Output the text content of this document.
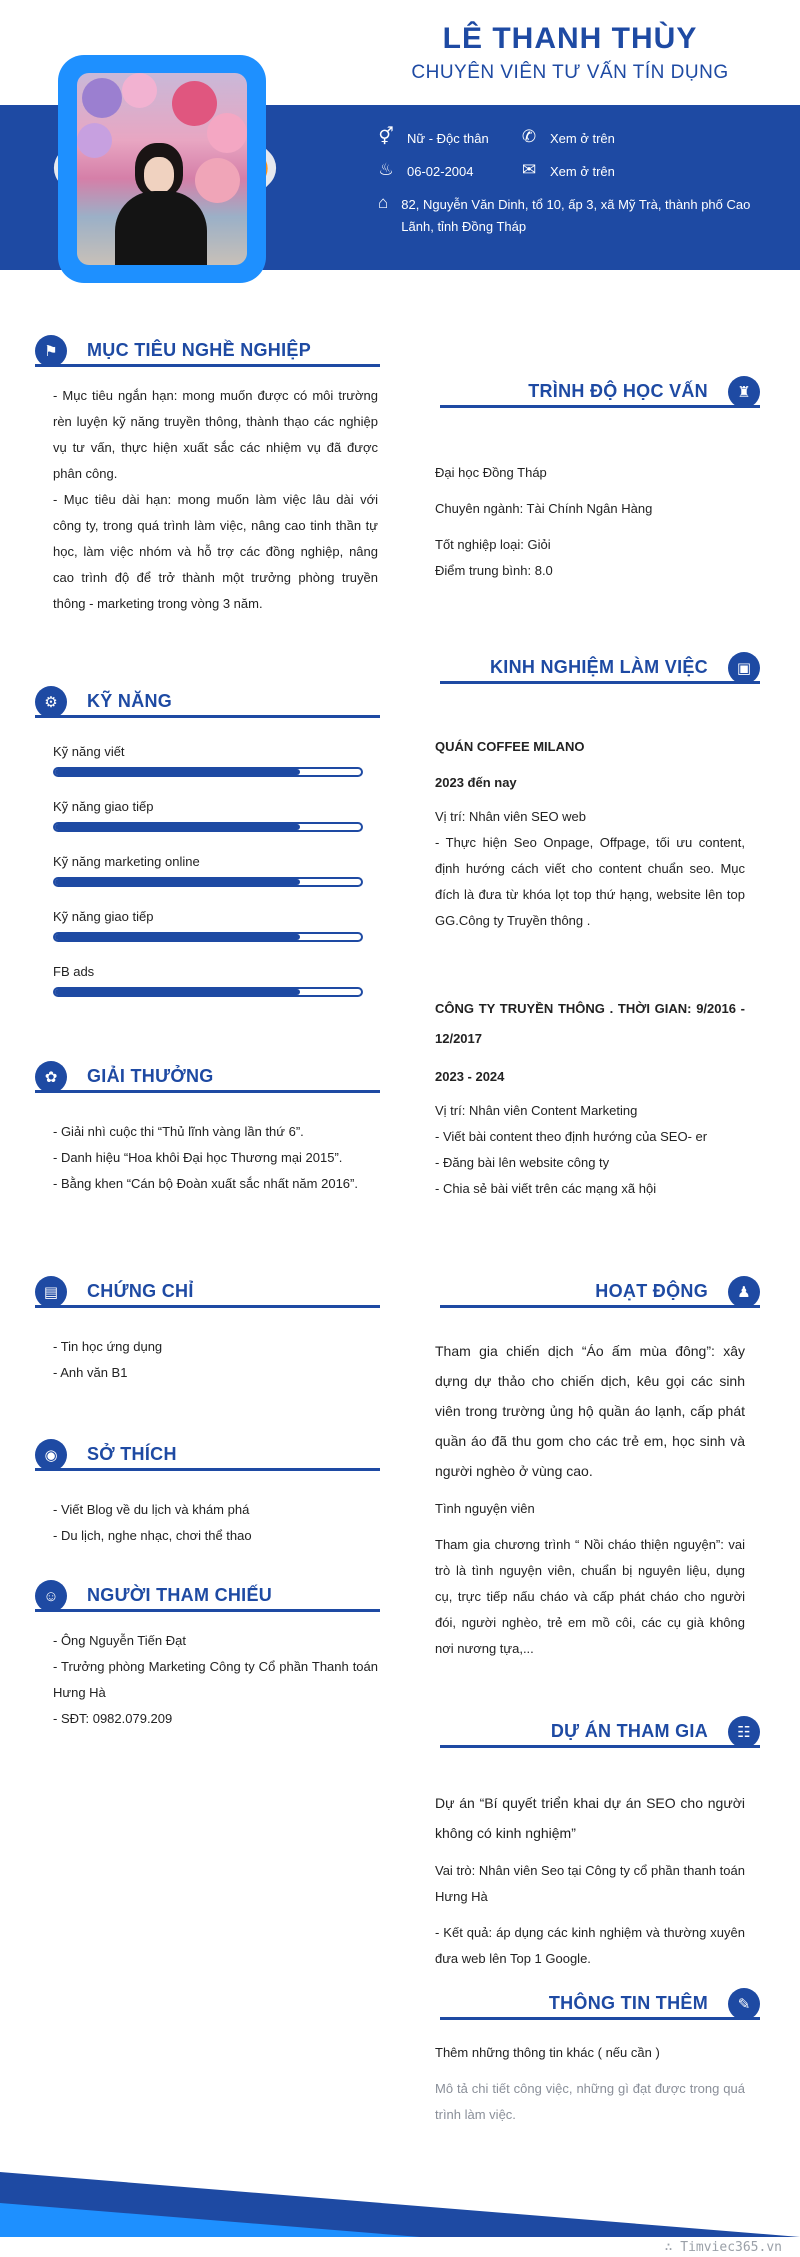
LÊ THANH THÙY
CHUYÊN VIÊN TƯ VẤN TÍN DỤNG
⚥ Nữ - Độc thân ✆ Xem ở trên
♨ 06-02-2004	✉ Xem ở trên
⌂ 82, Nguyễn Văn Dinh, tổ 10, ấp 3, xã Mỹ Trà, thành phố Cao Lãnh, tỉnh Đồng Tháp
⚑	MỤC TIÊU NGHỀ NGHIỆP

- Mục tiêu ngắn hạn: mong muốn được có môi trường rèn luyện kỹ năng truyền thông, thành thạo các nghiệp vụ tư vấn, thực hiện xuất sắc các nhiệm vụ đã được phân công.

- Mục tiêu dài hạn: mong muốn làm việc lâu dài với công ty, trong quá trình làm việc, nâng cao tinh thần tự học, làm việc nhóm và hỗ trợ các đồng nghiệp, nâng cao trình độ để trở thành một trưởng phòng truyền thông - marketing trong vòng 3 năm.

⚙	KỸ NĂNG
Kỹ năng viết
Kỹ năng giao tiếp
Kỹ năng marketing online
Kỹ năng giao tiếp
FB ads
✿	GIẢI THƯỞNG

- Giải nhì cuộc thi “Thủ lĩnh vàng lần thứ 6”.

- Danh hiệu “Hoa khôi Đại học Thương mại 2015”.

- Bằng khen “Cán bộ Đoàn xuất sắc nhất năm 2016”.

▤	CHỨNG CHỈ

- Tin học ứng dụng

- Anh văn B1

◉	SỞ THÍCH

- Viết Blog về du lịch và khám phá

- Du lịch, nghe nhạc, chơi thể thao

☺	NGƯỜI THAM CHIẾU

- Ông Nguyễn Tiến Đạt

- Trưởng phòng Marketing Công ty Cổ phần Thanh toán Hưng Hà

- SĐT: 0982.079.209

♜
TRÌNH ĐỘ HỌC VẤN

Đại học Đồng Tháp

Chuyên ngành: Tài Chính Ngân Hàng

Tốt nghiệp loại: Giỏi

Điểm trung bình: 8.0

▣
KINH NGHIỆM LÀM VIỆC

QUÁN COFFEE MILANO

2023 đến nay

Vị trí: Nhân viên SEO web

- Thực hiện Seo Onpage, Offpage, tối ưu content, định hướng cách viết cho content chuẩn seo. Mục đích là đưa từ khóa lọt top thứ hạng, website lên top GG.Công ty Truyền thông .

CÔNG TY TRUYỀN THÔNG . THỜI GIAN: 9/2016 - 12/2017

2023 - 2024

Vị trí: Nhân viên Content Marketing

- Viết bài content theo định hướng của SEO- er

- Đăng bài lên website công ty

- Chia sẻ bài viết trên các mạng xã hội

♟
HOẠT ĐỘNG

Tham gia chiến dịch “Áo ấm mùa đông”: xây dựng dự thảo cho chiến dịch, kêu gọi các sinh viên trong trường ủng hộ quần áo lạnh, cấp phát quần áo đã thu gom cho các trẻ em, học sinh và người nghèo ở vùng cao.

Tình nguyện viên

Tham gia chương trình “ Nồi cháo thiện nguyện”: vai trò là tình nguyện viên, chuẩn bị nguyên liệu, dụng cụ, trực tiếp nấu cháo và cấp phát cháo cho người đói, người nghèo, trẻ em mồ côi, các cụ già không nơi nương tựa,...

☷
DỰ ÁN THAM GIA

Dự án “Bí quyết triển khai dự án SEO cho người không có kinh nghiệm”

Vai trò: Nhân viên Seo tại Công ty cổ phần thanh toán Hưng Hà

- Kết quả: áp dụng các kinh nghiệm và thường xuyên đưa web lên Top 1 Google.

✎
THÔNG TIN THÊM

Thêm những thông tin khác ( nếu cần )

Mô tả chi tiết công việc, những gì đạt được trong quá trình làm việc.

∴ Timviec365.vn
